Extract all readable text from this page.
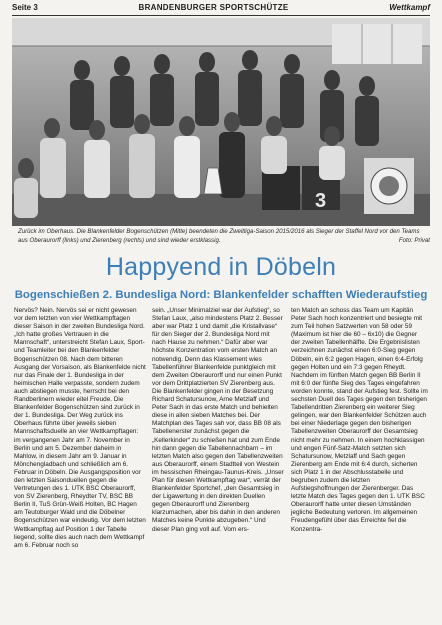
Seite 3	BRANDENBURGER SPORTSCHÜTZE	Wettkampf
3
Zurück im Oberhaus. Die Blankenfelder Bogenschützen (Mitte) beendeten die Zweitliga-Saison 2015/2016 als Sieger der Staffel Nord vor den Teams aus Oberaurorff (links) und Zierenberg (rechts) und sind wieder erstklassig.	Foto: Privat
Happyend in Döbeln
Bogenschießen 2. Bundesliga Nord: Blankenfelder schafften Wiederaufstieg

Nervös? Nein. Nervös sei er nicht gewesen vor dem letzten von vier Wettkampftagen dieser Saison in der zweiten Bundesliga Nord. „Ich hatte großes Vertrauen in die Mannschaft“, unterstreicht Stefan Laux, Sport- und Teamleiter bei den Blankenfelder Bogenschützen 08. Nach dem bitteren Ausgang der Vorsaison, als Blankenfelde nicht nur das Finale der 1. Bundesliga in der heimischen Halle verpasste, sondern zudem auch abstiegen musste, herrscht bei den Randberlinern wieder eitel Freude. Die Blankenfelder Bogenschützen sind zurück in der 1. Bundesliga. Der Weg zurück ins Oberhaus führte über jeweils sieben Mannschaftsduelle an vier Wettkampftagen: im vergangenen Jahr am 7. November in Berlin und am 5. Dezember daheim in Mahlow, in diesem Jahr am 9. Januar in Mönchengladbach und schließlich am 6. Februar in Döbeln. Die Ausgangsposition vor den letzten Saisonduellen gegen die Vertretungen des 1. UTK BSC Oberaurorff, von SV Zierenberg, Rheydter TV, BSC BB Berlin II, TuS Grün-Weiß Holten, BC Hagen am Teutoburger Wald und die Döbelner Bogenschützen war eindeutig. Vor dem letzten Wettkampftag auf Position 1 der Tabelle liegend, sollte dies auch nach dem Wettkampf am 6. Februar noch so

sein. „Unser Minimalziel war der Aufstieg“, so Stefan Laux, „also mindestens Platz 2. Besser aber war Platz 1 und damit „die Kristallvase“ für den Sieger der 2. Bundesliga Nord mit nach Hause zu nehmen.“ Dafür aber war höchste Konzentration vom ersten Match an notwendig. Denn das Klassement wies Tabellenführer Blankenfelde punktgleich mit dem Zweiten Oberaurorff und nur einen Punkt vor dem Drittplatzierten SV Zierenberg aus. Die Blankenfelder gingen in der Besetzung Richard Schatursunow, Arne Metzlaff und Peter Sach in das erste Match und behielten diese in allen sieben Matches bei. Der Matchplan des Tages sah vor, dass BB 08 als Tabellenerster zunächst gegen die „Kellerkinder“ zu schießen hat und zum Ende hin dann gegen die Tabellennachbarn – im letzten Match also gegen den Tabellenzweiten aus Oberaurorff, einem Stadtteil von Westein im hessischen Rheingau-Taunus-Kreis. „Unser Plan für diesen Wettkampftag war“, verrät der Blankenfelder Sportchef, „den Gesamtsieg in der Ligawertung in den direkten Duellen gegen Oberaurorff und Zierenberg klarzumachen, aber bis dahin in den anderen Matches keine Punkte abzugeben.“ Und dieser Plan ging voll auf. Vom ers-

ten Match an schoss das Team um Kapitän Peter Sach hoch konzentriert und besiegte mit zum Teil hohen Satzwerten von 58 oder 59 (Maximum ist hier die 60 – 6x10) die Gegner der zweiten Tabellenhälfte. Die Ergebnislisten verzeichnen zunächst einen 6:0-Sieg gegen Döbeln, ein 6:2 gegen Hagen, einen 6:4-Erfolg gegen Holten und ein 7:3 gegen Rheydt. Nachdem im fünften Match gegen BB Berlin II mit 6:0 der fünfte Sieg des Tages eingefahren worden konnte, stand der Aufstieg fest. Sollte im sechsten Duell des Tages gegen den bisherigen Tabellendritten Zierenberg ein weiterer Sieg gelingen, war den Blankenfelder Schützen auch bei einer Niederlage gegen den bisherigen Tabellenzweiten Oberaurorff der Gesamtsieg nicht mehr zu nehmen. In einem hochklassigen und engen Fünf-Satz-Match setzten sich Schatursunow, Metzlaff und Sach gegen Zierenberg am Ende mit 6:4 durch, sicherten sich Platz 1 in der Abschlusstabelle und begruben zudem die letzten Aufstiegshoffnungen der Zierenberger. Das letzte Match des Tages gegen den 1. UTK BSC Oberaurorff hatte unter diesen Umständen jegliche Bedeutung verloren. Im allgemeinen Freudengefühl über das Erreichte fiel die Konzentra-
